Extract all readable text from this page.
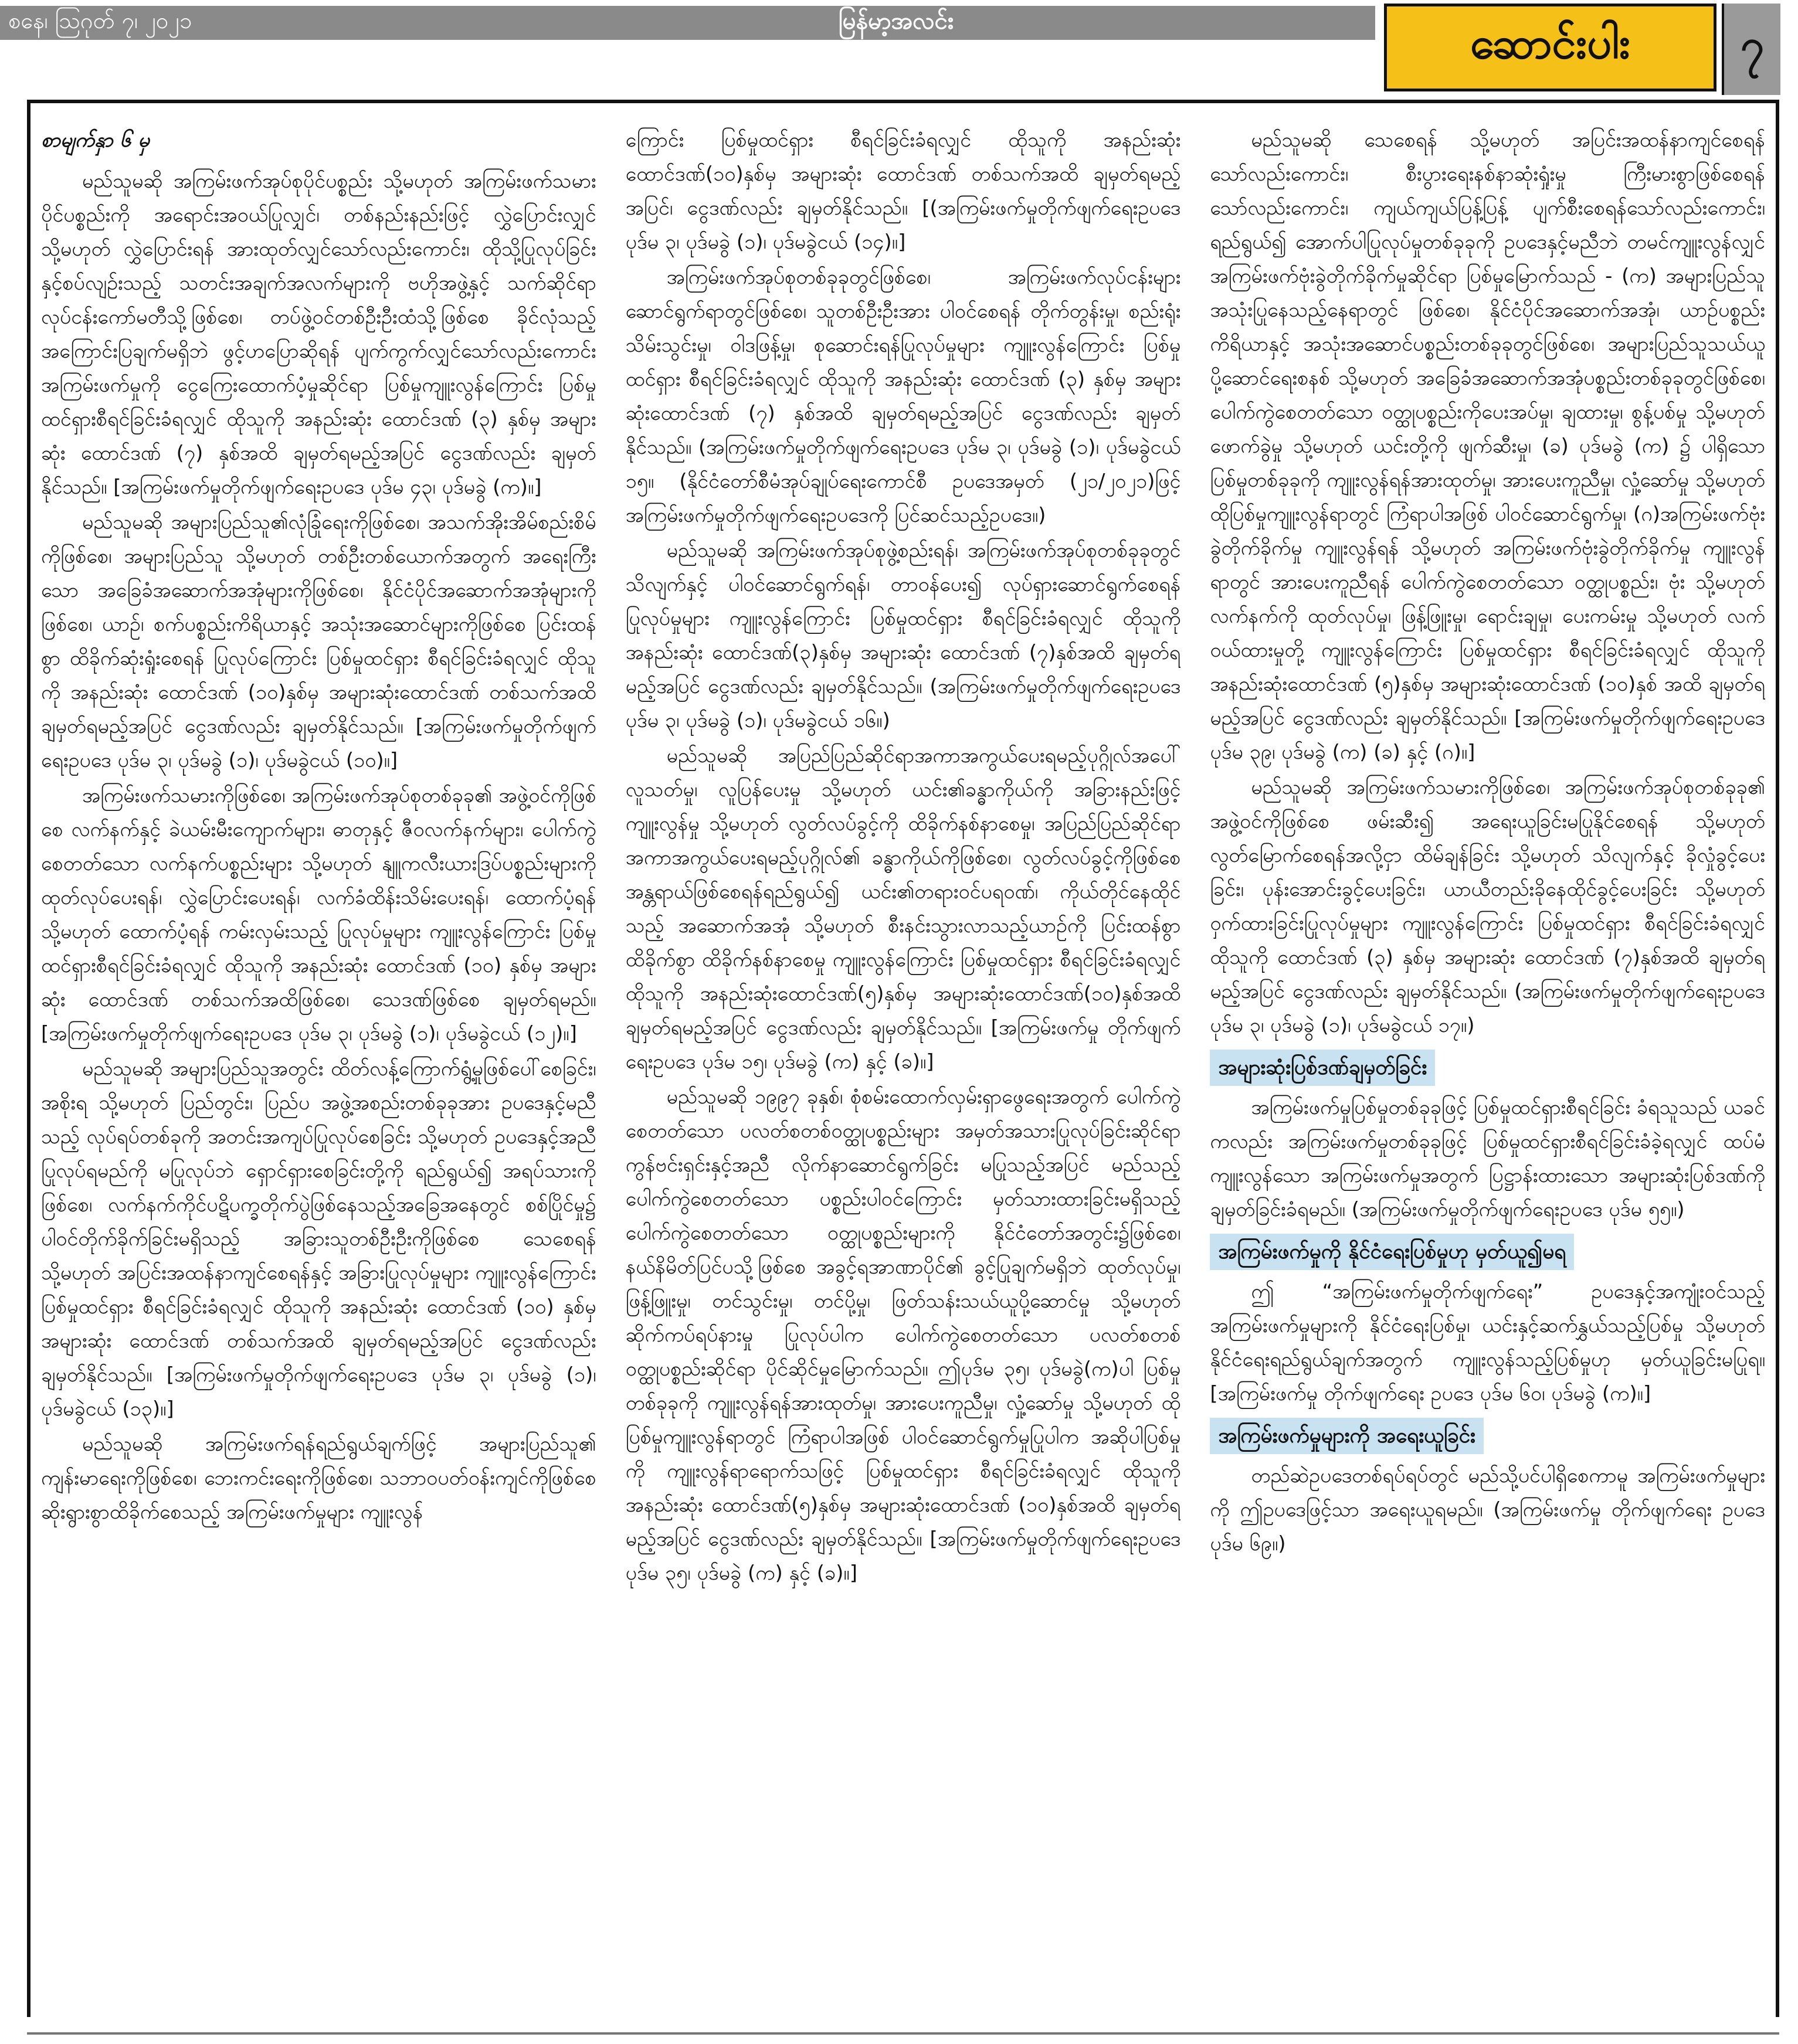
စနေ၊ ဩဂုတ် ၇၊ ၂၀၂၁	မြန်မာ့အလင်း	ဆောင်းပါး	၇
စာမျက်နှာ ၆ မှ

မည်သူမဆို အကြမ်းဖက်အုပ်စုပိုင်ပစ္စည်း သို့မဟုတ် အကြမ်းဖက်သမားပိုင်ပစ္စည်းကို အရောင်းအဝယ်ပြုလျှင်၊ တစ်နည်းနည်းဖြင့် လွှဲပြောင်းလျှင် သို့မဟုတ် လွှဲပြောင်းရန် အားထုတ်လျှင်သော်လည်းကောင်း၊ ထိုသို့ပြုလုပ်ခြင်းနှင့်စပ်လျဉ်းသည့် သတင်းအချက်အလက်များကို ဗဟိုအဖွဲ့နှင့် သက်ဆိုင်ရာလုပ်ငန်းကော်မတီသို့ဖြစ်စေ၊ တပ်ဖွဲ့ဝင်တစ်ဦးဦးထံသို့ဖြစ်စေ ခိုင်လုံသည့် အကြောင်းပြချက်မရှိဘဲ ဖွင့်ဟပြောဆိုရန် ပျက်ကွက်လျှင်သော်လည်းကောင်း အကြမ်းဖက်မှုကို ငွေကြေးထောက်ပံ့မှုဆိုင်ရာ ပြစ်မှုကျူးလွန်ကြောင်း ပြစ်မှုထင်ရှားစီရင်ခြင်းခံရလျှင် ထိုသူကို အနည်းဆုံး ထောင်ဒဏ် (၃) နှစ်မှ အများဆုံး ထောင်ဒဏ် (၇) နှစ်အထိ ချမှတ်ရမည့်အပြင် ငွေဒဏ်လည်း ချမှတ်နိုင်သည်။ [အကြမ်းဖက်မှုတိုက်ဖျက်ရေးဥပဒေ ပုဒ်မ ၄၃၊ ပုဒ်မခွဲ (က)။]

မည်သူမဆို အများပြည်သူ၏လုံခြုံရေးကိုဖြစ်စေ၊ အသက်အိုးအိမ်စည်းစိမ်ကိုဖြစ်စေ၊ အများပြည်သူ သို့မဟုတ် တစ်ဦးတစ်ယောက်အတွက် အရေးကြီးသော အခြေခံအဆောက်အအုံများကိုဖြစ်စေ၊ နိုင်ငံပိုင်အဆောက်အအုံများကိုဖြစ်စေ၊ ယာဉ်၊ စက်ပစ္စည်းကိရိယာနှင့် အသုံးအဆောင်များကိုဖြစ်စေ ပြင်းထန်စွာ ထိခိုက်ဆုံးရှုံးစေရန် ပြုလုပ်ကြောင်း ပြစ်မှုထင်ရှား စီရင်ခြင်းခံရလျှင် ထိုသူကို အနည်းဆုံး ထောင်ဒဏ် (၁၀)နှစ်မှ အများဆုံးထောင်ဒဏ် တစ်သက်အထိ ချမှတ်ရမည့်အပြင် ငွေဒဏ်လည်း ချမှတ်နိုင်သည်။ [အကြမ်းဖက်မှုတိုက်ဖျက်ရေးဥပဒေ ပုဒ်မ ၃၊ ပုဒ်မခွဲ (၁)၊ ပုဒ်မခွဲငယ် (၁၀)။]

အကြမ်းဖက်သမားကိုဖြစ်စေ၊ အကြမ်းဖက်အုပ်စုတစ်ခုခု၏ အဖွဲ့ဝင်ကိုဖြစ်စေ လက်နက်နှင့် ခဲယမ်းမီးကျောက်များ၊ ဓာတုနှင့် ဇီဝလက်နက်များ၊ ပေါက်ကွဲစေတတ်သော လက်နက်ပစ္စည်းများ သို့မဟုတ် နျူကလီးယားဒြပ်ပစ္စည်းများကို ထုတ်လုပ်ပေးရန်၊ လွှဲပြောင်းပေးရန်၊ လက်ခံထိန်းသိမ်းပေးရန်၊ ထောက်ပံ့ရန် သို့မဟုတ် ထောက်ပံ့ရန် ကမ်းလှမ်းသည့် ပြုလုပ်မှုများ ကျူးလွန်ကြောင်း ပြစ်မှုထင်ရှားစီရင်ခြင်းခံရလျှင် ထိုသူကို အနည်းဆုံး ထောင်ဒဏ် (၁၀) နှစ်မှ အများဆုံး ထောင်ဒဏ် တစ်သက်အထိဖြစ်စေ၊ သေဒဏ်ဖြစ်စေ ချမှတ်ရမည်။ [အကြမ်းဖက်မှုတိုက်ဖျက်ရေးဥပဒေ ပုဒ်မ ၃၊ ပုဒ်မခွဲ (၁)၊ ပုဒ်မခွဲငယ် (၁၂)။]

မည်သူမဆို အများပြည်သူအတွင်း ထိတ်လန့်ကြောက်ရွံ့မှုဖြစ်ပေါ်စေခြင်း၊ အစိုးရ သို့မဟုတ် ပြည်တွင်း၊ ပြည်ပ အဖွဲ့အစည်းတစ်ခုခုအား ဥပဒေနှင့်မညီသည့် လုပ်ရပ်တစ်ခုကို အတင်းအကျပ်ပြုလုပ်စေခြင်း သို့မဟုတ် ဥပဒေနှင့်အညီ ပြုလုပ်ရမည်ကို မပြုလုပ်ဘဲ ရှောင်ရှားစေခြင်းတို့ကို ရည်ရွယ်၍ အရပ်သားကိုဖြစ်စေ၊ လက်နက်ကိုင်ပဋိပက္ခတိုက်ပွဲဖြစ်နေသည့်အခြေအနေတွင် စစ်ပြိုင်မှု၌ ပါဝင်တိုက်ခိုက်ခြင်းမရှိသည့် အခြားသူတစ်ဦးဦးကိုဖြစ်စေ သေစေရန် သို့မဟုတ် အပြင်းအထန်နာကျင်စေရန်နှင့် အခြားပြုလုပ်မှုများ ကျူးလွန်ကြောင်း ပြစ်မှုထင်ရှား စီရင်ခြင်းခံရလျှင် ထိုသူကို အနည်းဆုံး ထောင်ဒဏ် (၁၀) နှစ်မှ အများဆုံး ထောင်ဒဏ် တစ်သက်အထိ ချမှတ်ရမည့်အပြင် ငွေဒဏ်လည်း ချမှတ်နိုင်သည်။ [အကြမ်းဖက်မှုတိုက်ဖျက်ရေးဥပဒေ ပုဒ်မ ၃၊ ပုဒ်မခွဲ (၁)၊ ပုဒ်မခွဲငယ် (၁၃)။]

မည်သူမဆို အကြမ်းဖက်ရန်ရည်ရွယ်ချက်ဖြင့် အများပြည်သူ၏ ကျန်းမာရေးကိုဖြစ်စေ၊ ဘေးကင်းရေးကိုဖြစ်စေ၊ သဘာဝပတ်ဝန်းကျင်ကိုဖြစ်စေ ဆိုးရွားစွာထိခိုက်စေသည့် အကြမ်းဖက်မှုများ ကျူးလွန်

ကြောင်း ပြစ်မှုထင်ရှား စီရင်ခြင်းခံရလျှင် ထိုသူကို အနည်းဆုံး ထောင်ဒဏ်(၁၀)နှစ်မှ အများဆုံး ထောင်ဒဏ် တစ်သက်အထိ ချမှတ်ရမည့်အပြင်၊ ငွေဒဏ်လည်း ချမှတ်နိုင်သည်။ [(အကြမ်းဖက်မှုတိုက်ဖျက်ရေးဥပဒေ ပုဒ်မ ၃၊ ပုဒ်မခွဲ (၁)၊ ပုဒ်မခွဲငယ် (၁၄)။]

အကြမ်းဖက်အုပ်စုတစ်ခုခုတွင်ဖြစ်စေ၊ အကြမ်းဖက်လုပ်ငန်းများဆောင်ရွက်ရာတွင်ဖြစ်စေ၊ သူတစ်ဦးဦးအား ပါဝင်စေရန် တိုက်တွန်းမှု၊ စည်းရုံးသိမ်းသွင်းမှု၊ ဝါဒဖြန့်မှု၊ စုဆောင်းရန်ပြုလုပ်မှုများ ကျူးလွန်ကြောင်း ပြစ်မှုထင်ရှား စီရင်ခြင်းခံရလျှင် ထိုသူကို အနည်းဆုံး ထောင်ဒဏ် (၃) နှစ်မှ အများဆုံးထောင်ဒဏ် (၇) နှစ်အထိ ချမှတ်ရမည့်အပြင် ငွေဒဏ်လည်း ချမှတ်နိုင်သည်။ (အကြမ်းဖက်မှုတိုက်ဖျက်ရေးဥပဒေ ပုဒ်မ ၃၊ ပုဒ်မခွဲ (၁)၊ ပုဒ်မခွဲငယ် ၁၅။ (နိုင်ငံတော်စီမံအုပ်ချုပ်ရေးကောင်စီ ဥပဒေအမှတ် (၂၁/၂၀၂၁)ဖြင့် အကြမ်းဖက်မှုတိုက်ဖျက်ရေးဥပဒေကို ပြင်ဆင်သည့်ဥပဒေ။)

မည်သူမဆို အကြမ်းဖက်အုပ်စုဖွဲ့စည်းရန်၊ အကြမ်းဖက်အုပ်စုတစ်ခုခုတွင် သိလျက်နှင့် ပါဝင်ဆောင်ရွက်ရန်၊ တာဝန်ပေး၍ လုပ်ရှားဆောင်ရွက်စေရန် ပြုလုပ်မှုများ ကျူးလွန်ကြောင်း ပြစ်မှုထင်ရှား စီရင်ခြင်းခံရလျှင် ထိုသူကို အနည်းဆုံး ထောင်ဒဏ်(၃)နှစ်မှ အများဆုံး ထောင်ဒဏ် (၇)နှစ်အထိ ချမှတ်ရမည့်အပြင် ငွေဒဏ်လည်း ချမှတ်နိုင်သည်။ (အကြမ်းဖက်မှုတိုက်ဖျက်ရေးဥပဒေ ပုဒ်မ ၃၊ ပုဒ်မခွဲ (၁)၊ ပုဒ်မခွဲငယ် ၁၆။)

မည်သူမဆို အပြည်ပြည်ဆိုင်ရာအကာအကွယ်ပေးရမည့်ပုဂ္ဂိုလ်အပေါ် လူသတ်မှု၊ လူပြန်ပေးမှု သို့မဟုတ် ယင်း၏ခန္ဓာကိုယ်ကို အခြားနည်းဖြင့် ကျူးလွန်မှု သို့မဟုတ် လွတ်လပ်ခွင့်ကို ထိခိုက်နစ်နာစေမှု၊ အပြည်ပြည်ဆိုင်ရာအကာအကွယ်ပေးရမည့်ပုဂ္ဂိုလ်၏ ခန္ဓာကိုယ်ကိုဖြစ်စေ၊ လွတ်လပ်ခွင့်ကိုဖြစ်စေ အန္တရာယ်ဖြစ်စေရန်ရည်ရွယ်၍ ယင်း၏တရားဝင်ပရဝဏ်၊ ကိုယ်တိုင်နေထိုင်သည့် အဆောက်အအုံ သို့မဟုတ် စီးနင်းသွားလာသည့်ယာဉ်ကို ပြင်းထန်စွာ ထိခိုက်စွာ ထိခိုက်နစ်နာစေမှု ကျူးလွန်ကြောင်း ပြစ်မှုထင်ရှား စီရင်ခြင်းခံရလျှင် ထိုသူကို အနည်းဆုံးထောင်ဒဏ်(၅)နှစ်မှ အများဆုံးထောင်ဒဏ်(၁၀)နှစ်အထိ ချမှတ်ရမည့်အပြင် ငွေဒဏ်လည်း ချမှတ်နိုင်သည်။ [အကြမ်းဖက်မှု တိုက်ဖျက်ရေးဥပဒေ ပုဒ်မ ၁၅၊ ပုဒ်မခွဲ (က) နှင့် (ခ)။]

မည်သူမဆို ၁၉၉၇ ခုနှစ်၊ စုံစမ်းထောက်လှမ်းရှာဖွေရေးအတွက် ပေါက်ကွဲစေတတ်သော ပလတ်စတစ်ဝတ္ထုပစ္စည်းများ အမှတ်အသားပြုလုပ်ခြင်းဆိုင်ရာ ကွန်ဗင်းရှင်းနှင့်အညီ လိုက်နာဆောင်ရွက်ခြင်း မပြုသည့်အပြင် မည်သည့်ပေါက်ကွဲစေတတ်သော ပစ္စည်းပါဝင်ကြောင်း မှတ်သားထားခြင်းမရှိသည့် ပေါက်ကွဲစေတတ်သော ဝတ္ထုပစ္စည်းများကို နိုင်ငံတော်အတွင်း၌ဖြစ်စေ၊ နယ်နိမိတ်ပြင်ပသို့ဖြစ်စေ အခွင့်ရအာဏာပိုင်၏ ခွင့်ပြုချက်မရှိဘဲ ထုတ်လုပ်မှု၊ ဖြန့်ဖြူးမှု၊ တင်သွင်းမှု၊ တင်ပို့မှု၊ ဖြတ်သန်းသယ်ယူပို့ဆောင်မှု သို့မဟုတ် ဆိုက်ကပ်ရပ်နားမှု ပြုလုပ်ပါက ပေါက်ကွဲစေတတ်သော ပလတ်စတစ်ဝတ္ထုပစ္စည်းဆိုင်ရာ ပိုင်ဆိုင်မှုမြောက်သည်။ ဤပုဒ်မ ၃၅၊ ပုဒ်မခွဲ(က)ပါ ပြစ်မှုတစ်ခုခုကို ကျူးလွန်ရန်အားထုတ်မှု၊ အားပေးကူညီမှု၊ လှုံ့ဆော်မှု သို့မဟုတ် ထိုပြစ်မှုကျူးလွန်ရာတွင် ကြံရာပါအဖြစ် ပါဝင်ဆောင်ရွက်မှုပြုပါက အဆိုပါပြစ်မှုကို ကျူးလွန်ရာရောက်သဖြင့် ပြစ်မှုထင်ရှား စီရင်ခြင်းခံရလျှင် ထိုသူကို အနည်းဆုံး ထောင်ဒဏ်(၅)နှစ်မှ အများဆုံးထောင်ဒဏ် (၁၀)နှစ်အထိ ချမှတ်ရမည့်အပြင် ငွေဒဏ်လည်း ချမှတ်နိုင်သည်။ [အကြမ်းဖက်မှုတိုက်ဖျက်ရေးဥပဒေ ပုဒ်မ ၃၅၊ ပုဒ်မခွဲ (က) နှင့် (ခ)။]

မည်သူမဆို သေစေရန် သို့မဟုတ် အပြင်းအထန်နာကျင်စေရန်သော်လည်းကောင်း၊ စီးပွားရေးနစ်နာဆုံးရှုံးမှု ကြီးမားစွာဖြစ်စေရန်သော်လည်းကောင်း၊ ကျယ်ကျယ်ပြန့်ပြန့် ပျက်စီးစေရန်သော်လည်းကောင်း၊ ရည်ရွယ်၍ အောက်ပါပြုလုပ်မှုတစ်ခုခုကို ဥပဒေနှင့်မညီဘဲ တမင်ကျူးလွန်လျှင် အကြမ်းဖက်ဗုံးခွဲတိုက်ခိုက်မှုဆိုင်ရာ ပြစ်မှုမြောက်သည် - (က) အများပြည်သူ အသုံးပြုနေသည့်နေရာတွင် ဖြစ်စေ၊ နိုင်ငံပိုင်အဆောက်အအုံ၊ ယာဉ်ပစ္စည်းကိရိယာနှင့် အသုံးအဆောင်ပစ္စည်းတစ်ခုခုတွင်ဖြစ်စေ၊ အများပြည်သူသယ်ယူပို့ဆောင်ရေးစနစ် သို့မဟုတ် အခြေခံအဆောက်အအုံပစ္စည်းတစ်ခုခုတွင်ဖြစ်စေ၊ ပေါက်ကွဲစေတတ်သော ဝတ္ထုပစ္စည်းကိုပေးအပ်မှု၊ ချထားမှု၊ စွန့်ပစ်မှု သို့မဟုတ် ဖောက်ခွဲမှု သို့မဟုတ် ယင်းတို့ကို ဖျက်ဆီးမှု၊ (ခ) ပုဒ်မခွဲ (က) ၌ ပါရှိသော ပြစ်မှုတစ်ခုခုကို ကျူးလွန်ရန်အားထုတ်မှု၊ အားပေးကူညီမှု၊ လှုံ့ဆော်မှု သို့မဟုတ် ထိုပြစ်မှုကျူးလွန်ရာတွင် ကြံရာပါအဖြစ် ပါဝင်ဆောင်ရွက်မှု၊ (ဂ)အကြမ်းဖက်ဗုံးခွဲတိုက်ခိုက်မှု ကျူးလွန်ရန် သို့မဟုတ် အကြမ်းဖက်ဗုံးခွဲတိုက်ခိုက်မှု ကျူးလွန်ရာတွင် အားပေးကူညီရန် ပေါက်ကွဲစေတတ်သော ဝတ္ထုပစ္စည်း၊ ဗုံး သို့မဟုတ် လက်နက်ကို ထုတ်လုပ်မှု၊ ဖြန့်ဖြူးမှု၊ ရောင်းချမှု၊ ပေးကမ်းမှု သို့မဟုတ် လက်ဝယ်ထားမှုတို့ ကျူးလွန်ကြောင်း ပြစ်မှုထင်ရှား စီရင်ခြင်းခံရလျှင် ထိုသူကို အနည်းဆုံးထောင်ဒဏ် (၅)နှစ်မှ အများဆုံးထောင်ဒဏ် (၁၀)နှစ် အထိ ချမှတ်ရမည့်အပြင် ငွေဒဏ်လည်း ချမှတ်နိုင်သည်။ [အကြမ်းဖက်မှုတိုက်ဖျက်ရေးဥပဒေ ပုဒ်မ ၃၉၊ ပုဒ်မခွဲ (က) (ခ) နှင့် (ဂ)။]

မည်သူမဆို အကြမ်းဖက်သမားကိုဖြစ်စေ၊ အကြမ်းဖက်အုပ်စုတစ်ခုခု၏ အဖွဲ့ဝင်ကိုဖြစ်စေ ဖမ်းဆီး၍ အရေးယူခြင်းမပြုနိုင်စေရန် သို့မဟုတ် လွတ်မြောက်စေရန်အလို့ငှာ ထိမ်ချန်ခြင်း သို့မဟုတ် သိလျက်နှင့် ခိုလှုံခွင့်ပေးခြင်း၊ ပုန်းအောင်းခွင့်ပေးခြင်း၊ ယာယီတည်းခိုနေထိုင်ခွင့်ပေးခြင်း သို့မဟုတ် ဝှက်ထားခြင်းပြုလုပ်မှုများ ကျူးလွန်ကြောင်း ပြစ်မှုထင်ရှား စီရင်ခြင်းခံရလျှင် ထိုသူကို ထောင်ဒဏ် (၃) နှစ်မှ အများဆုံး ထောင်ဒဏ် (၇)နှစ်အထိ ချမှတ်ရမည့်အပြင် ငွေဒဏ်လည်း ချမှတ်နိုင်သည်။ (အကြမ်းဖက်မှုတိုက်ဖျက်ရေးဥပဒေ ပုဒ်မ ၃၊ ပုဒ်မခွဲ (၁)၊ ပုဒ်မခွဲငယ် ၁၇။)

အများဆုံးပြစ်ဒဏ်ချမှတ်ခြင်း

အကြမ်းဖက်မှုပြစ်မှုတစ်ခုခုဖြင့် ပြစ်မှုထင်ရှားစီရင်ခြင်း ခံရသူသည် ယခင်ကလည်း အကြမ်းဖက်မှုတစ်ခုခုဖြင့် ပြစ်မှုထင်ရှားစီရင်ခြင်းခံခဲ့ရလျှင် ထပ်မံကျူးလွန်သော အကြမ်းဖက်မှုအတွက် ပြဋ္ဌာန်းထားသော အများဆုံးပြစ်ဒဏ်ကို ချမှတ်ခြင်းခံရမည်။ (အကြမ်းဖက်မှုတိုက်ဖျက်ရေးဥပဒေ ပုဒ်မ ၅၅။)

အကြမ်းဖက်မှုကို နိုင်ငံရေးပြစ်မှုဟု မှတ်ယူ၍မရ

ဤ “အကြမ်းဖက်မှုတိုက်ဖျက်ရေး” ဥပဒေနှင့်အကျုံးဝင်သည့် အကြမ်းဖက်မှုများကို နိုင်ငံရေးပြစ်မှု၊ ယင်းနှင့်ဆက်နွှယ်သည့်ပြစ်မှု သို့မဟုတ် နိုင်ငံရေးရည်ရွယ်ချက်အတွက် ကျူးလွန်သည့်ပြစ်မှုဟု မှတ်ယူခြင်းမပြုရ။ [အကြမ်းဖက်မှု တိုက်ဖျက်ရေး ဥပဒေ ပုဒ်မ ၆၀၊ ပုဒ်မခွဲ (က)။]

အကြမ်းဖက်မှုများကို အရေးယူခြင်း

တည်ဆဲဥပဒေတစ်ရပ်ရပ်တွင် မည်သို့ပင်ပါရှိစေကာမူ အကြမ်းဖက်မှုများကို ဤဥပဒေဖြင့်သာ အရေးယူရမည်။ (အကြမ်းဖက်မှု တိုက်ဖျက်ရေး ဥပဒေ ပုဒ်မ ၆၉။)
